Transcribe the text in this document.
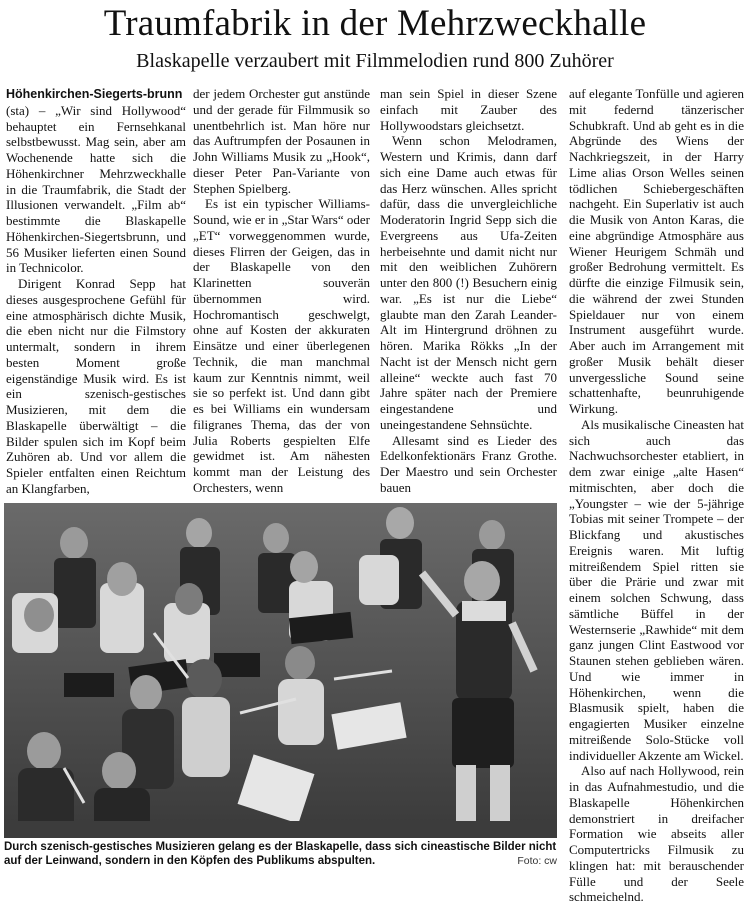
Traumfabrik in der Mehrzweckhalle
Blaskapelle verzaubert mit Filmmelodien rund 800 Zuhörer

Höhenkirchen-Siegerts-brunn (sta) – „Wir sind Hollywood“ behauptet ein Fernsehkanal selbstbewusst. Mag sein, aber am Wochenende hatte sich die Höhenkirchner Mehrzweckhalle in die Traumfabrik, die Stadt der Illusionen verwandelt. „Film ab“ bestimmte die Blaskapelle Höhenkirchen-Siegertsbrunn, und 56 Musiker lieferten einen Sound in Technicolor.

Dirigent Konrad Sepp hat dieses ausgesprochene Gefühl für eine atmosphärisch dichte Musik, die eben nicht nur die Filmstory untermalt, sondern in ihrem besten Moment große eigenständige Musik wird. Es ist ein szenisch-gestisches Musizieren, mit dem die Blaskapelle überwältigt – die Bilder spulen sich im Kopf beim Zuhören ab. Und vor allem die Spieler entfalten einen Reichtum an Klangfarben,

der jedem Orchester gut anstünde und der gerade für Filmmusik so unentbehrlich ist. Man höre nur das Auftrumpfen der Posaunen in John Williams Musik zu „Hook“, dieser Peter Pan-Variante von Stephen Spielberg.

Es ist ein typischer Williams-Sound, wie er in „Star Wars“ oder „ET“ vorweggenommen wurde, dieses Flirren der Geigen, das in der Blaskapelle von den Klarinetten souverän übernommen wird. Hochromantisch geschwelgt, ohne auf Kosten der akkuraten Einsätze und einer überlegenen Technik, die man manchmal kaum zur Kenntnis nimmt, weil sie so perfekt ist. Und dann gibt es bei Williams ein wundersam filigranes Thema, das der von Julia Roberts gespielten Elfe gewidmet ist. Am nähesten kommt man der Leistung des Orchesters, wenn

man sein Spiel in dieser Szene einfach mit Zauber des Hollywoodstars gleichsetzt.

Wenn schon Melodramen, Western und Krimis, dann darf sich eine Dame auch etwas für das Herz wünschen. Alles spricht dafür, dass die unvergleichliche Moderatorin Ingrid Sepp sich die Evergreens aus Ufa-Zeiten herbeisehnte und damit nicht nur mit den weiblichen Zuhörern unter den 800 (!) Besuchern einig war. „Es ist nur die Liebe“ glaubte man den Zarah Leander-Alt im Hintergrund dröhnen zu hören. Marika Rökks „In der Nacht ist der Mensch nicht gern alleine“ weckte auch fast 70 Jahre später nach der Premiere eingestandene und uneingestandene Sehnsüchte.

Allesamt sind es Lieder des Edelkonfektionärs Franz Grothe. Der Maestro und sein Orchester bauen

auf elegante Tonfülle und agieren mit federnd tänzerischer Schubkraft. Und ab geht es in die Abgründe des Wiens der Nachkriegszeit, in der Harry Lime alias Orson Welles seinen tödlichen Schiebergeschäften nachgeht. Ein Superlativ ist auch die Musik von Anton Karas, die eine abgründige Atmosphäre aus Wiener Heurigem Schmäh und großer Bedrohung vermittelt. Es dürfte die einzige Filmusik sein, die während der zwei Stunden Spieldauer nur von einem Instrument ausgeführt wurde. Aber auch im Arrangement mit großer Musik behält dieser unvergessliche Sound seine schattenhafte, beunruhigende Wirkung.

Als musikalische Cineasten hat sich auch das Nachwuchsorchester etabliert, in dem zwar einige „alte Hasen“ mitmischten, aber doch die „Youngster – wie der 5-jährige Tobias mit seiner Trompete – der Blickfang und akustisches Ereignis waren. Mit luftig mitreißendem Spiel ritten sie über die Prärie und zwar mit einem solchen Schwung, dass sämtliche Büffel in der Westernserie „Rawhide“ mit dem ganz jungen Clint Eastwood vor Staunen stehen geblieben wären. Und wie immer in Höhenkirchen, wenn die Blasmusik spielt, haben die engagierten Musiker einzelne mitreißende Solo-Stücke voll individueller Akzente am Wickel.

Also auf nach Hollywood, rein in das Aufnahmestudio, und die Blaskapelle Höhenkirchen demonstriert in dreifacher Formation wie abseits aller Computertricks Filmusik zu klingen hat: mit berauschender Fülle und der Seele schmeichelnd.

Durch szenisch-gestisches Musizieren gelang es der Blaskapelle, dass sich cineastische Bilder nicht auf der Leinwand, sondern in den Köpfen des Publikums abspulten.	Foto: cw
